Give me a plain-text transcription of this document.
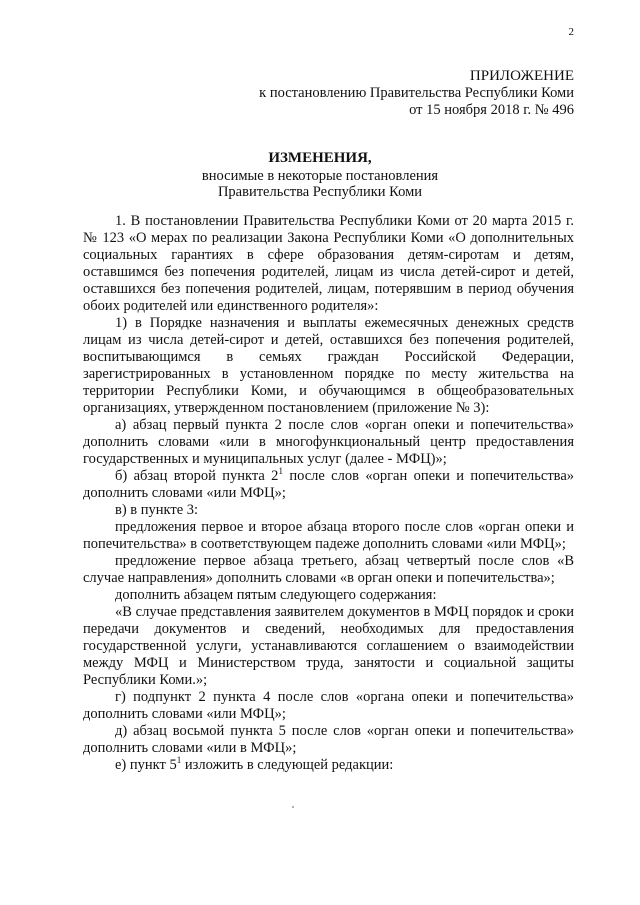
2
ПРИЛОЖЕНИЕ
к постановлению Правительства Республики Коми
от 15 ноября 2018 г. № 496
ИЗМЕНЕНИЯ,
вносимые в некоторые постановления
Правительства Республики Коми

1. В постановлении Правительства Республики Коми от 20 марта 2015 г. № 123 «О мерах по реализации Закона Республики Коми «О дополнительных социальных гарантиях в сфере образования детям-сиротам и детям, оставшимся без попечения родителей, лицам из числа детей-сирот и детей, оставшихся без попечения родителей, лицам, потерявшим в период обучения обоих родителей или единственного родителя»:

1) в Порядке назначения и выплаты ежемесячных денежных средств лицам из числа детей-сирот и детей, оставшихся без попечения родителей, воспитывающимся в семьях граждан Российской Федерации, зарегистрированных в установленном порядке по месту жительства на территории Республики Коми, и обучающимся в общеобразовательных организациях, утвержденном постановлением (приложение № 3):

а) абзац первый пункта 2 после слов «орган опеки и попечительства» дополнить словами «или в многофункциональный центр предоставления государственных и муниципальных услуг (далее - МФЦ)»;

б) абзац второй пункта $2^1$ после слов «орган опеки и попечительства» дополнить словами «или МФЦ»;

в) в пункте 3:

предложения первое и второе абзаца второго после слов «орган опеки и попечительства» в соответствующем падеже дополнить словами «или МФЦ»;

предложение первое абзаца третьего, абзац четвертый после слов «В случае направления» дополнить словами «в орган опеки и попечительства»;

дополнить абзацем пятым следующего содержания:

«В случае представления заявителем документов в МФЦ порядок и сроки передачи документов и сведений, необходимых для предоставления государственной услуги, устанавливаются соглашением о взаимодействии между МФЦ и Министерством труда, занятости и социальной защиты Республики Коми.»;

г) подпункт 2 пункта 4 после слов «органа опеки и попечительства» дополнить словами «или МФЦ»;

д) абзац восьмой пункта 5 после слов «орган опеки и попечительства» дополнить словами «или в МФЦ»;

е) пункт $5^1$ изложить в следующей редакции:
